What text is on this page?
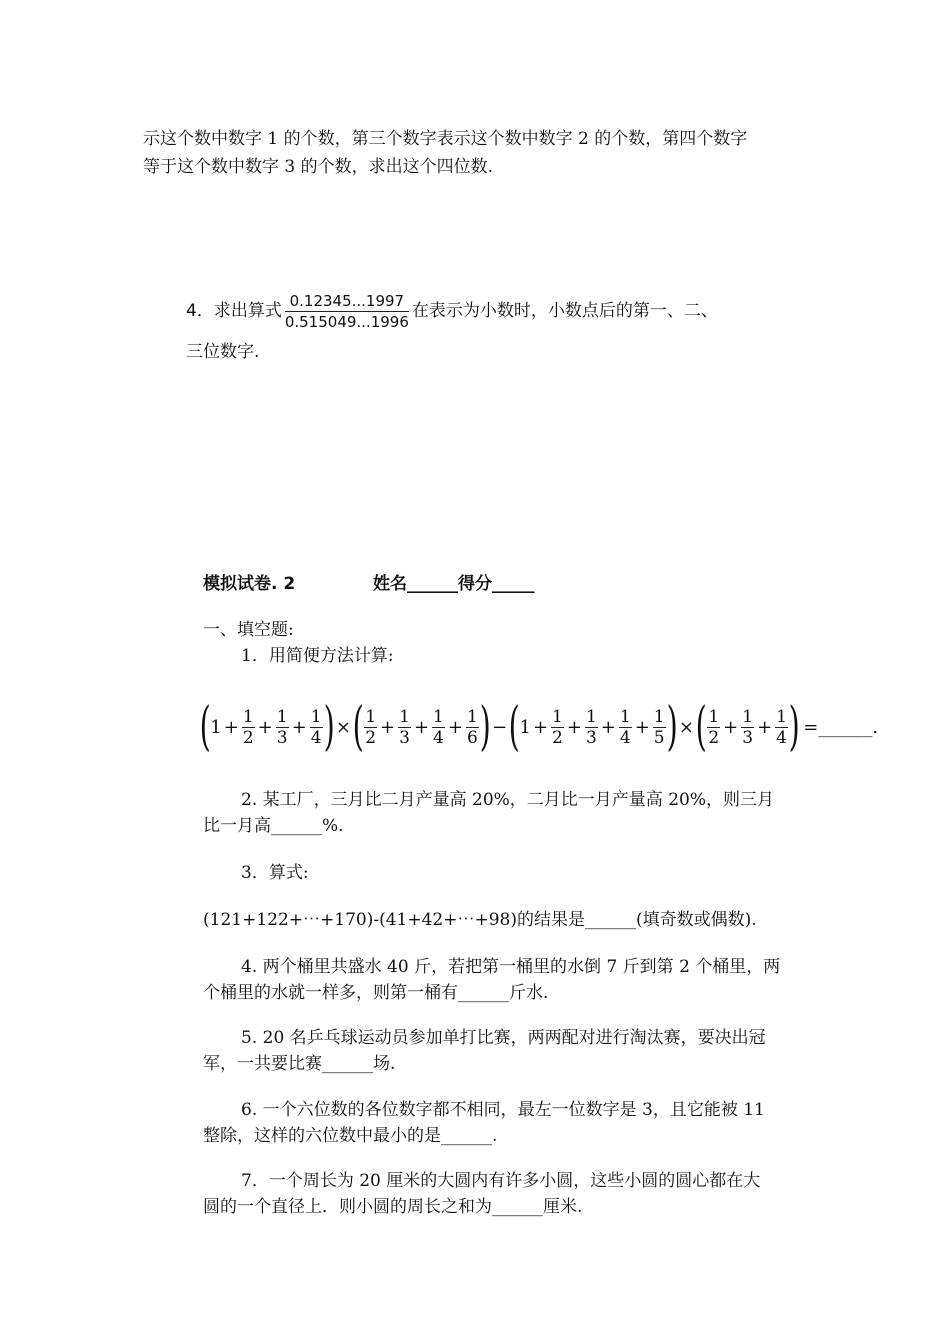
示这个数中数字 1 的个数，第三个数字表示这个数中数字 2 的个数，第四个数字
等于这个数中数字 3 的个数，求出这个四位数.
4．求出算式 $\frac{0.12345...1997}{0.515049...1996}$ 在表示为小数时，小数点后的第一、二、
三位数字.
模拟试卷. 2	姓名______得分_____
一、填空题:
1．用简便方法计算:
( $1 + \frac{1}{2} + \frac{1}{3} + \frac{1}{4}$ ) × ( $\frac{1}{2} + \frac{1}{3} + \frac{1}{4} + \frac{1}{6}$ ) − ( $1 + \frac{1}{2} + \frac{1}{3} + \frac{1}{4} + \frac{1}{5}$ ) × ( $\frac{1}{2} + \frac{1}{3} + \frac{1}{4}$ ) =______.
2. 某工厂，三月比二月产量高 20%，二月比一月产量高 20%，则三月
比一月高______%.
3．算式:
(121+122+⋯+170)-(41+42+⋯+98)的结果是______(填奇数或偶数).
4. 两个桶里共盛水 40 斤，若把第一桶里的水倒 7 斤到第 2 个桶里，两
个桶里的水就一样多，则第一桶有______斤水.
5. 20 名乒乓球运动员参加单打比赛，两两配对进行淘汰赛，要决出冠
军，一共要比赛______场.
6. 一个六位数的各位数字都不相同，最左一位数字是 3，且它能被 11
整除，这样的六位数中最小的是______.
7．一个周长为 20 厘米的大圆内有许多小圆，这些小圆的圆心都在大
圆的一个直径上．则小圆的周长之和为______厘米.
